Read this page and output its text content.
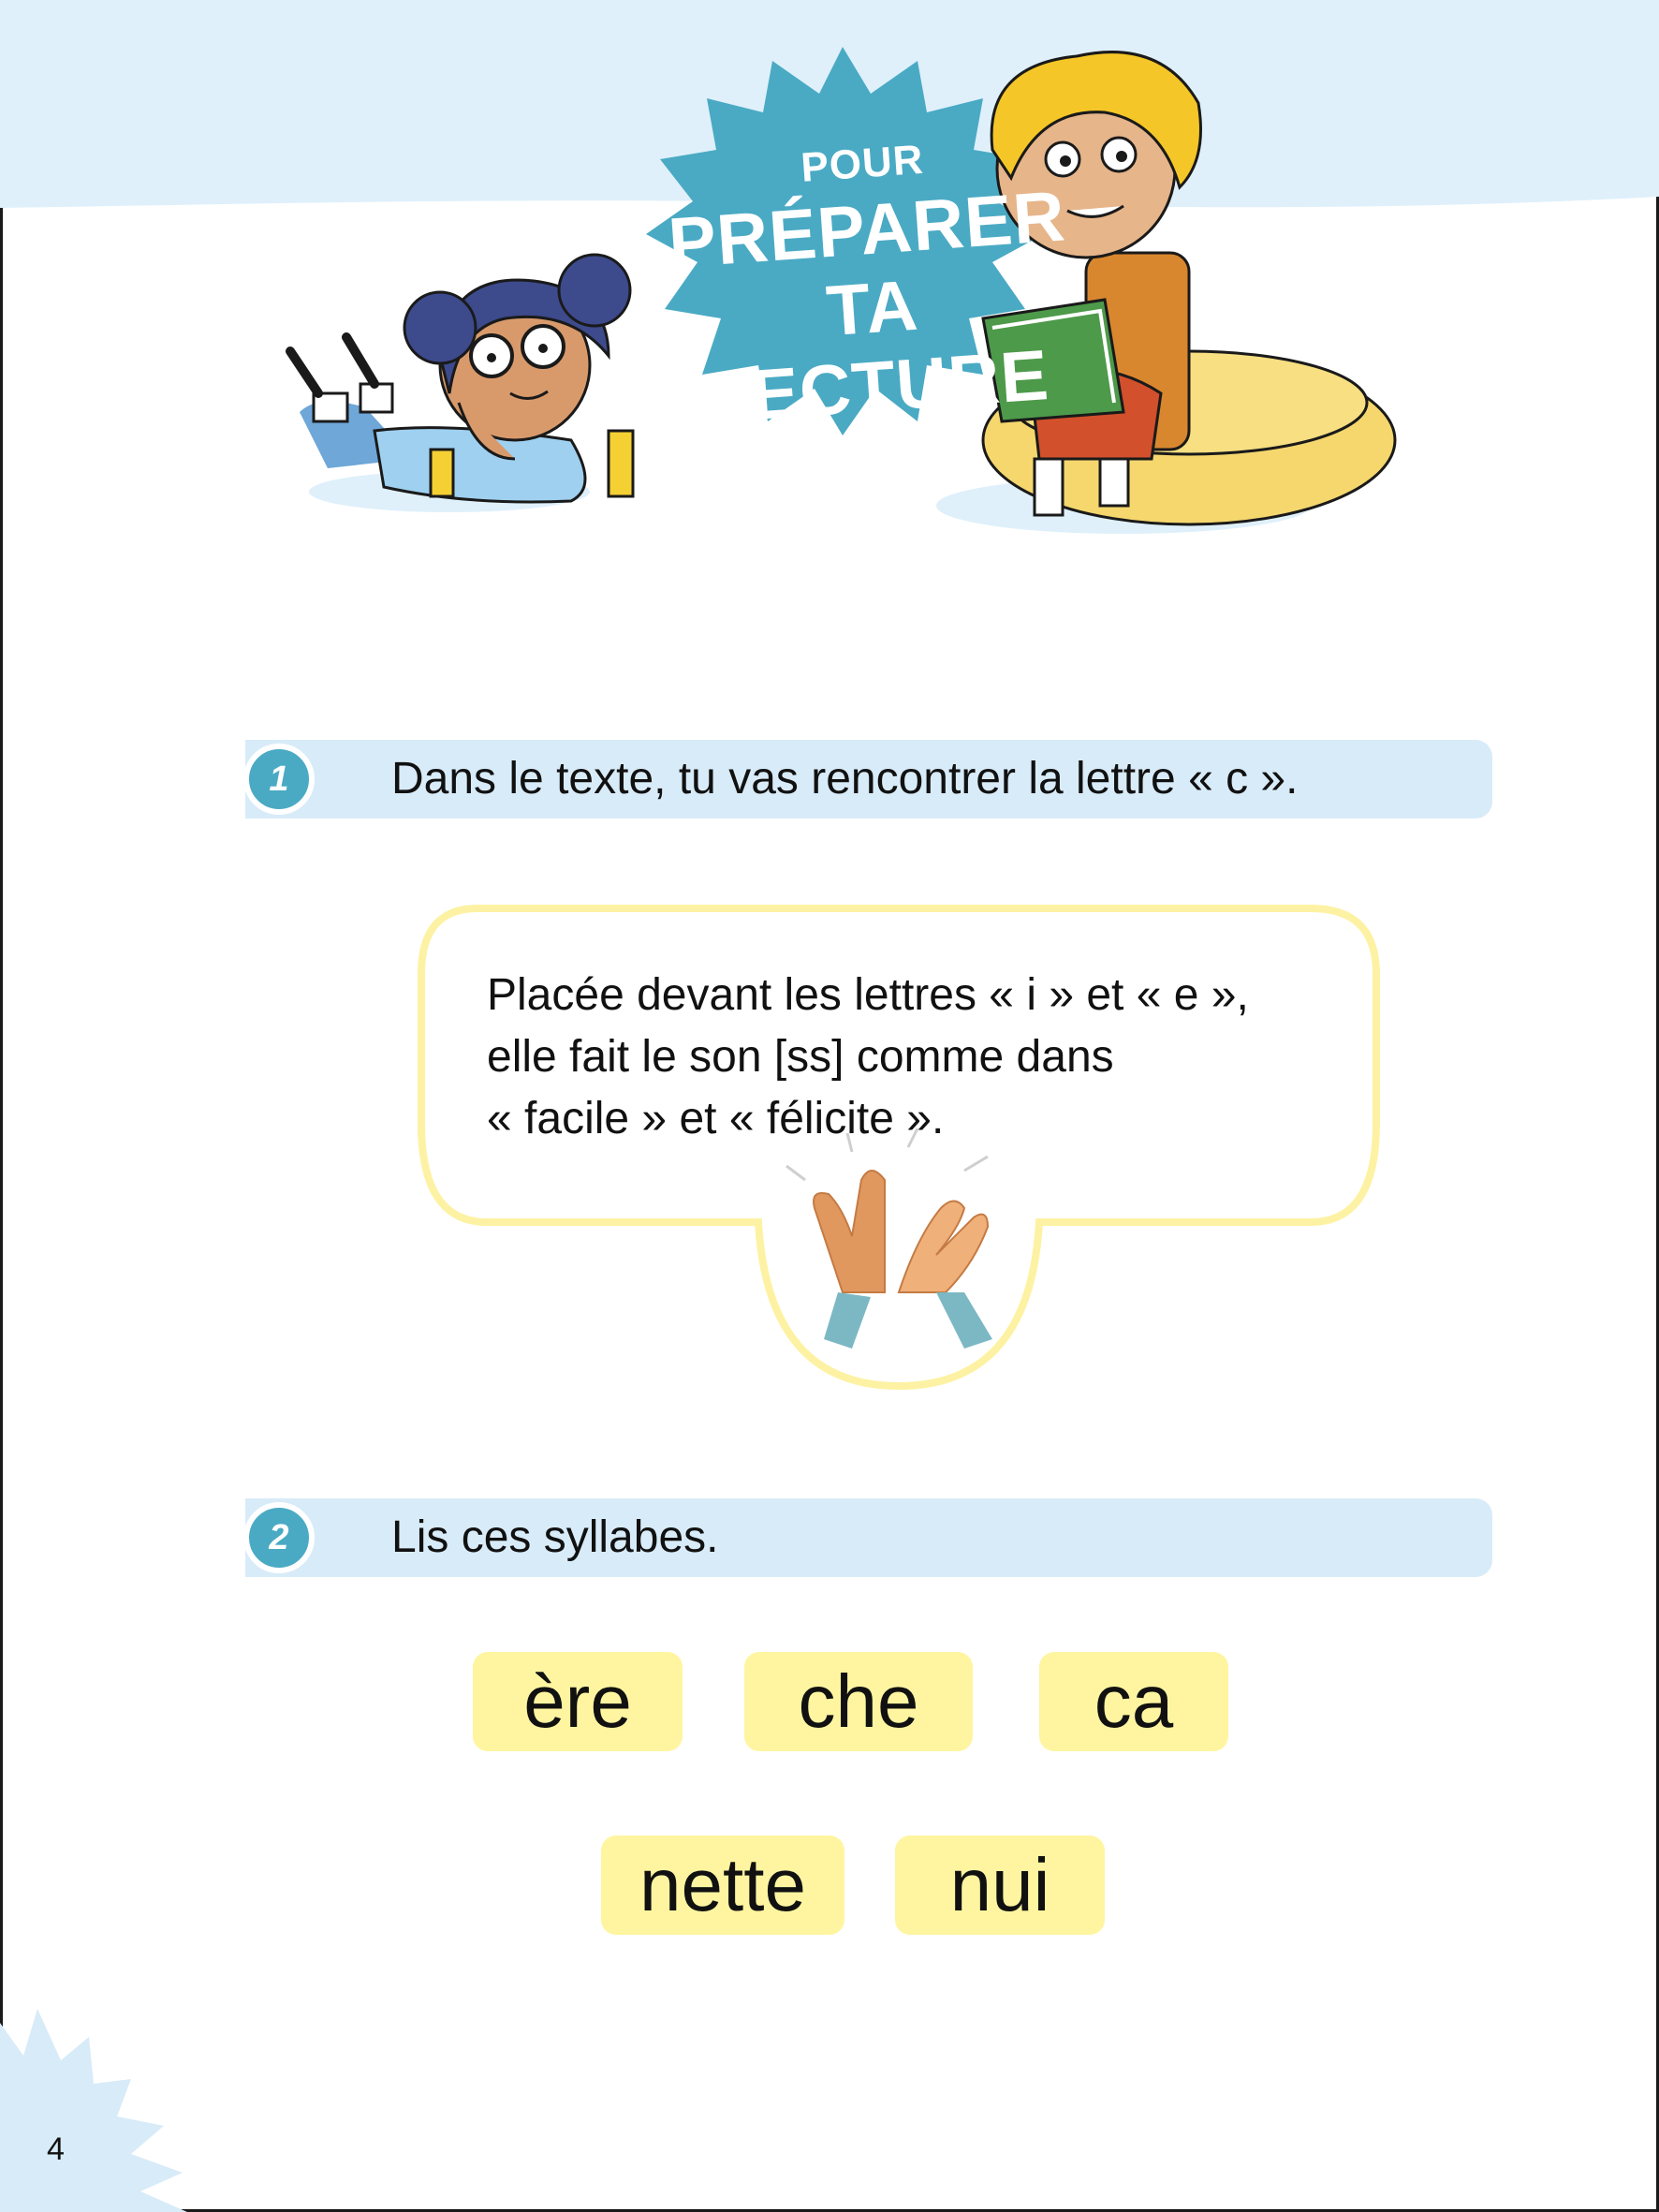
POUR
PRÉPARER
TA LECTURE
1	Dans le texte, tu vas rencontrer la lettre « c ».
Placée devant les lettres « i » et « e »,
elle fait le son [ss] comme dans
« facile » et « félicite ».
2	Lis ces syllabes.
ère	che	ca
nette	nui
4
